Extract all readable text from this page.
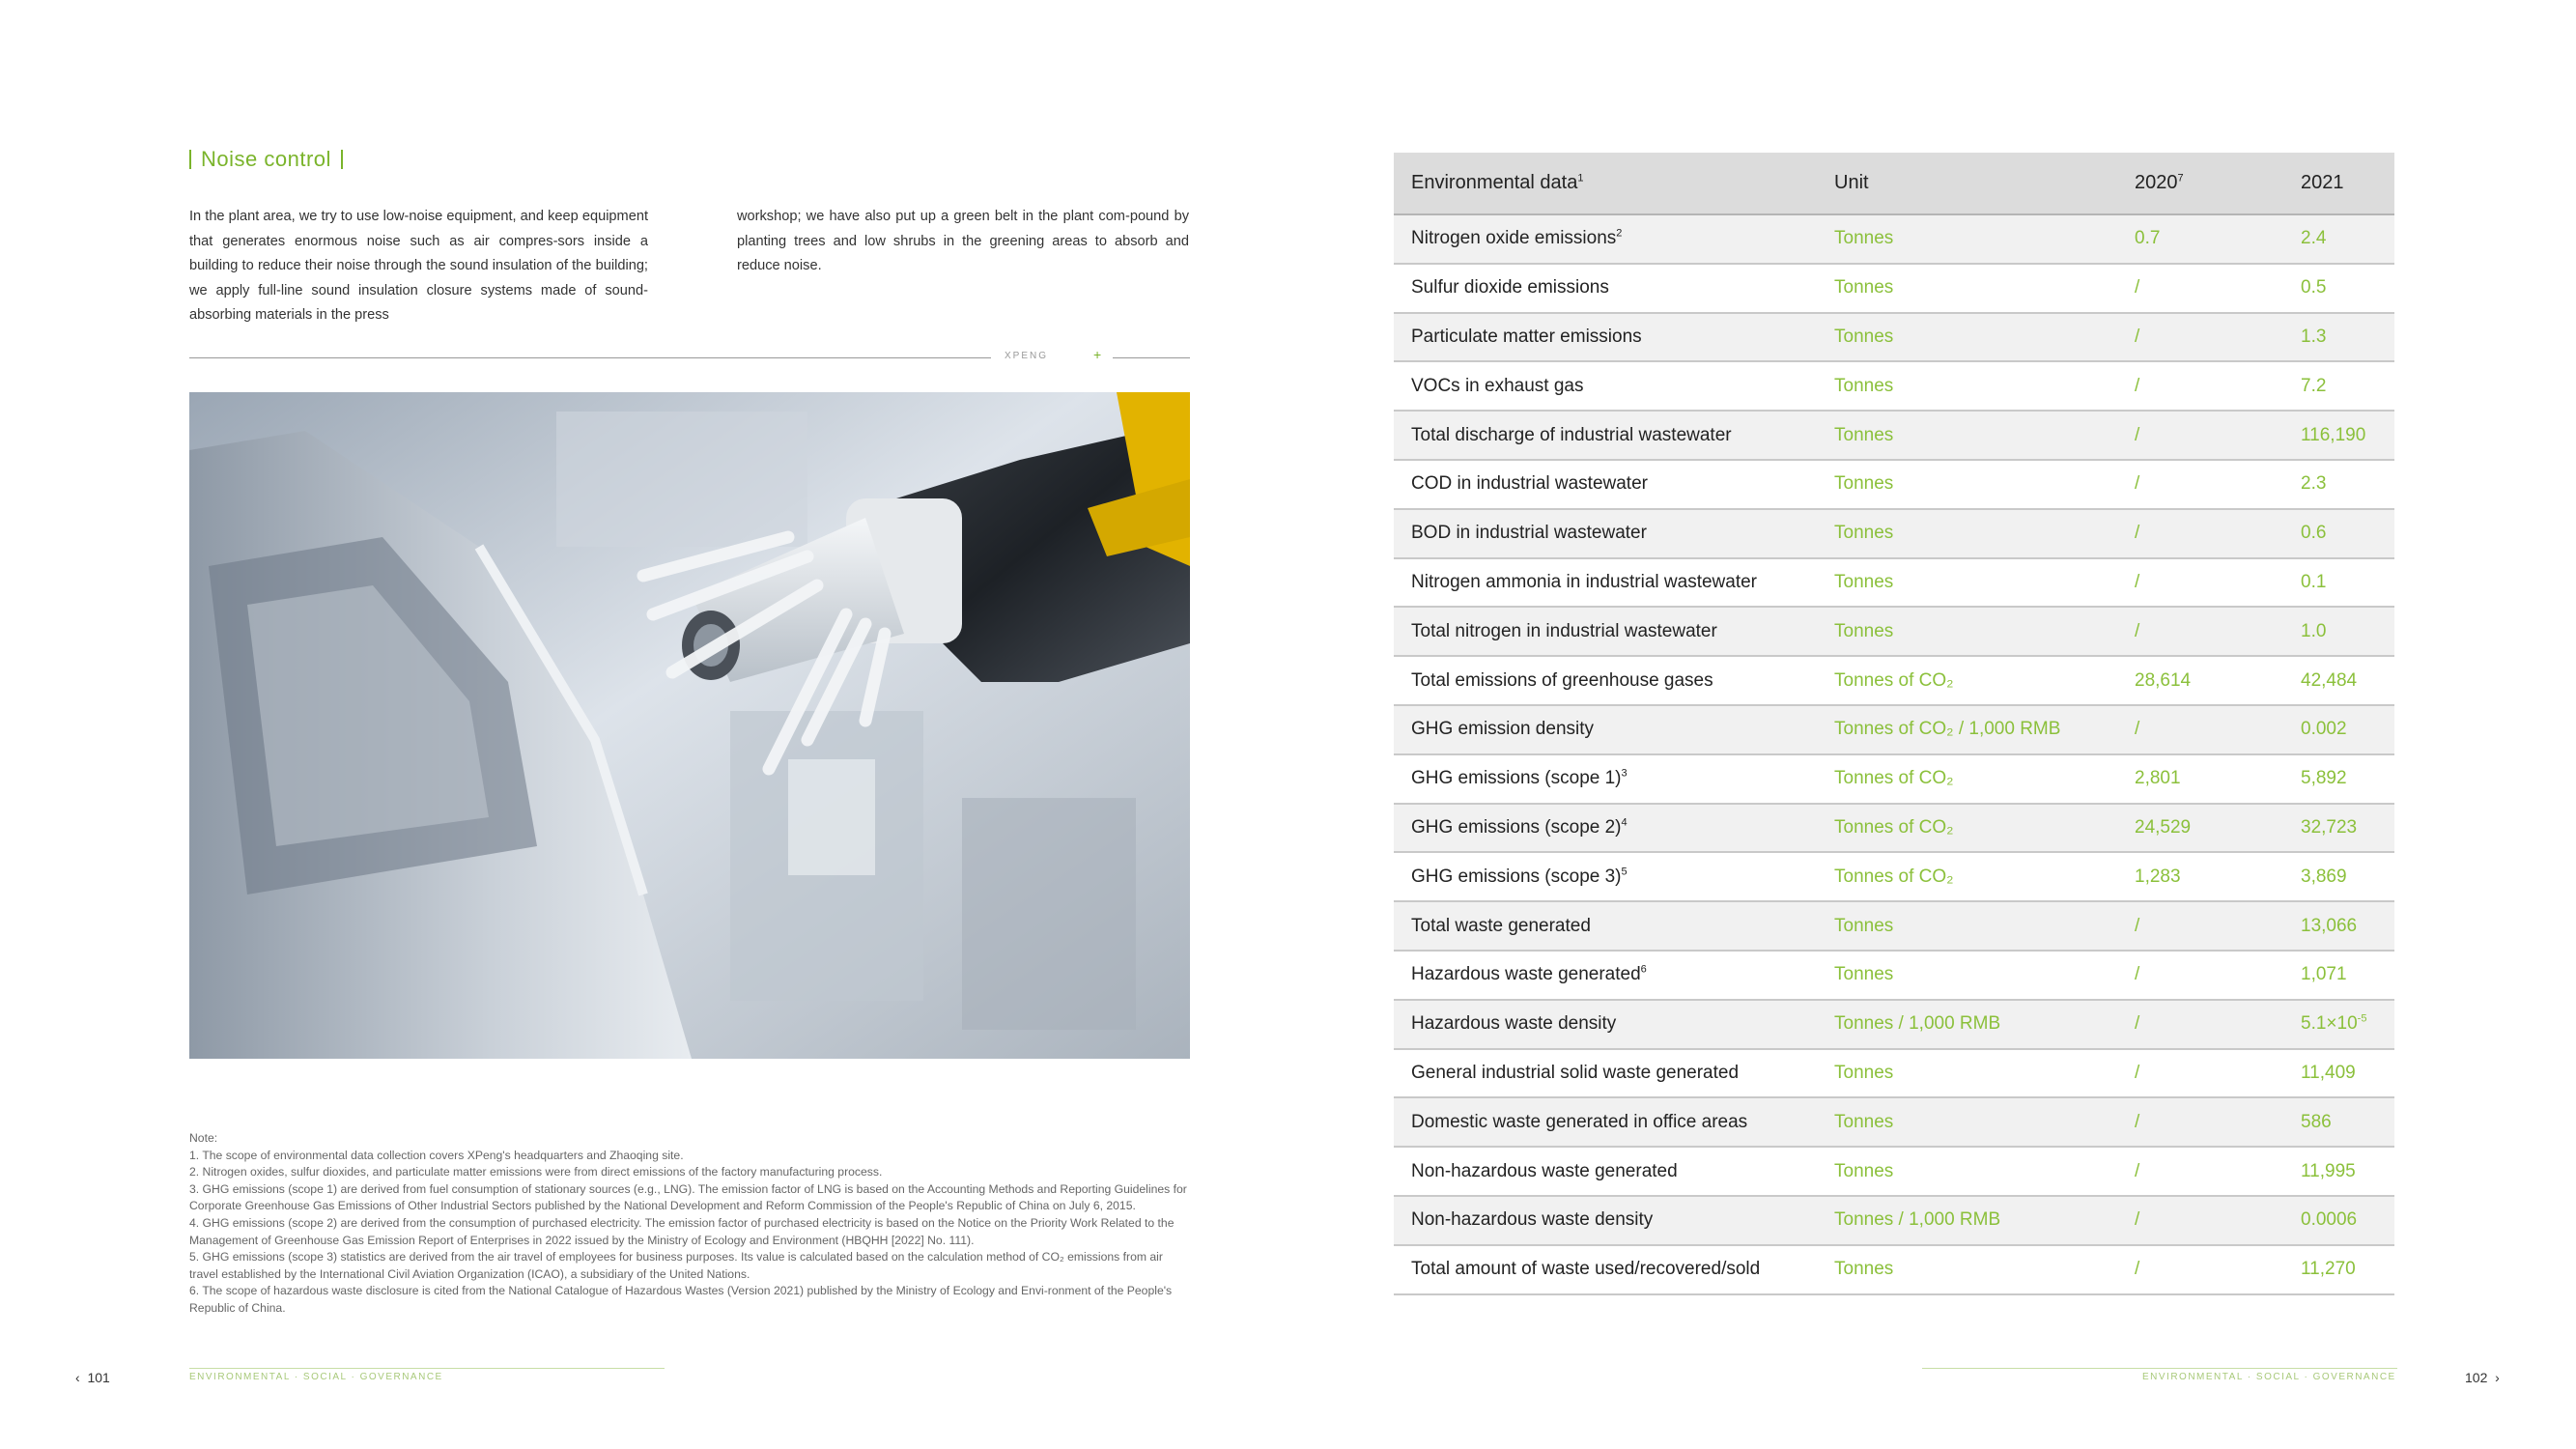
Noise control

In the plant area, we try to use low-noise equipment, and keep equipment that generates enormous noise such as air compres-sors inside a building to reduce their noise through the sound insulation of the building; we apply full-line sound insulation closure systems made of sound-absorbing materials in the press

workshop; we have also put up a green belt in the plant com-pound by planting trees and low shrubs in the greening areas to absorb and reduce noise.

XPENG	+
Note:
1. The scope of environmental data collection covers XPeng's headquarters and Zhaoqing site.
2. Nitrogen oxides, sulfur dioxides, and particulate matter emissions were from direct emissions of the factory manufacturing process.
3. GHG emissions (scope 1) are derived from fuel consumption of stationary sources (e.g., LNG). The emission factor of LNG is based on the Accounting Methods and Reporting Guidelines for Corporate Greenhouse Gas Emissions of Other Industrial Sectors published by the National Development and Reform Commission of the People's Republic of China on July 6, 2015.
4. GHG emissions (scope 2) are derived from the consumption of purchased electricity. The emission factor of purchased electricity is based on the Notice on the Priority Work Related to the Management of Greenhouse Gas Emission Report of Enterprises in 2022 issued by the Ministry of Ecology and Environment (HBQHH [2022] No. 111).
5. GHG emissions (scope 3) statistics are derived from the air travel of employees for business purposes. Its value is calculated based on the calculation method of CO₂ emissions from air travel established by the International Civil Aviation Organization (ICAO), a subsidiary of the United Nations.
6. The scope of hazardous waste disclosure is cited from the National Catalogue of Hazardous Wastes (Version 2021) published by the Ministry of Ecology and Envi-ronment of the People's Republic of China.
ENVIRONMENTAL · SOCIAL · GOVERNANCE
‹ 101
Environmental data$^1$	Unit	2020$^7$	2021
Nitrogen oxide emissions$^2$	Tonnes	0.7	2.4
Sulfur dioxide emissions	Tonnes	/	0.5
Particulate matter emissions	Tonnes	/	1.3
VOCs in exhaust gas	Tonnes	/	7.2
Total discharge of industrial wastewater	Tonnes	/	116,190
COD in industrial wastewater	Tonnes	/	2.3
BOD in industrial wastewater	Tonnes	/	0.6
Nitrogen ammonia in industrial wastewater	Tonnes	/	0.1
Total nitrogen in industrial wastewater	Tonnes	/	1.0
Total emissions of greenhouse gases	Tonnes of CO₂	28,614	42,484
GHG emission density	Tonnes of CO₂ / 1,000 RMB	/	0.002
GHG emissions (scope 1)$^3$	Tonnes of CO₂	2,801	5,892
GHG emissions (scope 2)$^4$	Tonnes of CO₂	24,529	32,723
GHG emissions (scope 3)$^5$	Tonnes of CO₂	1,283	3,869
Total waste generated	Tonnes	/	13,066
Hazardous waste generated$^6$	Tonnes	/	1,071
Hazardous waste density	Tonnes / 1,000 RMB	/	$5.1\times 10^{-5}$
General industrial solid waste generated	Tonnes	/	11,409
Domestic waste generated in office areas	Tonnes	/	586
Non-hazardous waste generated	Tonnes	/	11,995
Non-hazardous waste density	Tonnes / 1,000 RMB	/	0.0006
Total amount of waste used/recovered/sold	Tonnes	/	11,270
ENVIRONMENTAL · SOCIAL · GOVERNANCE	102 ›
